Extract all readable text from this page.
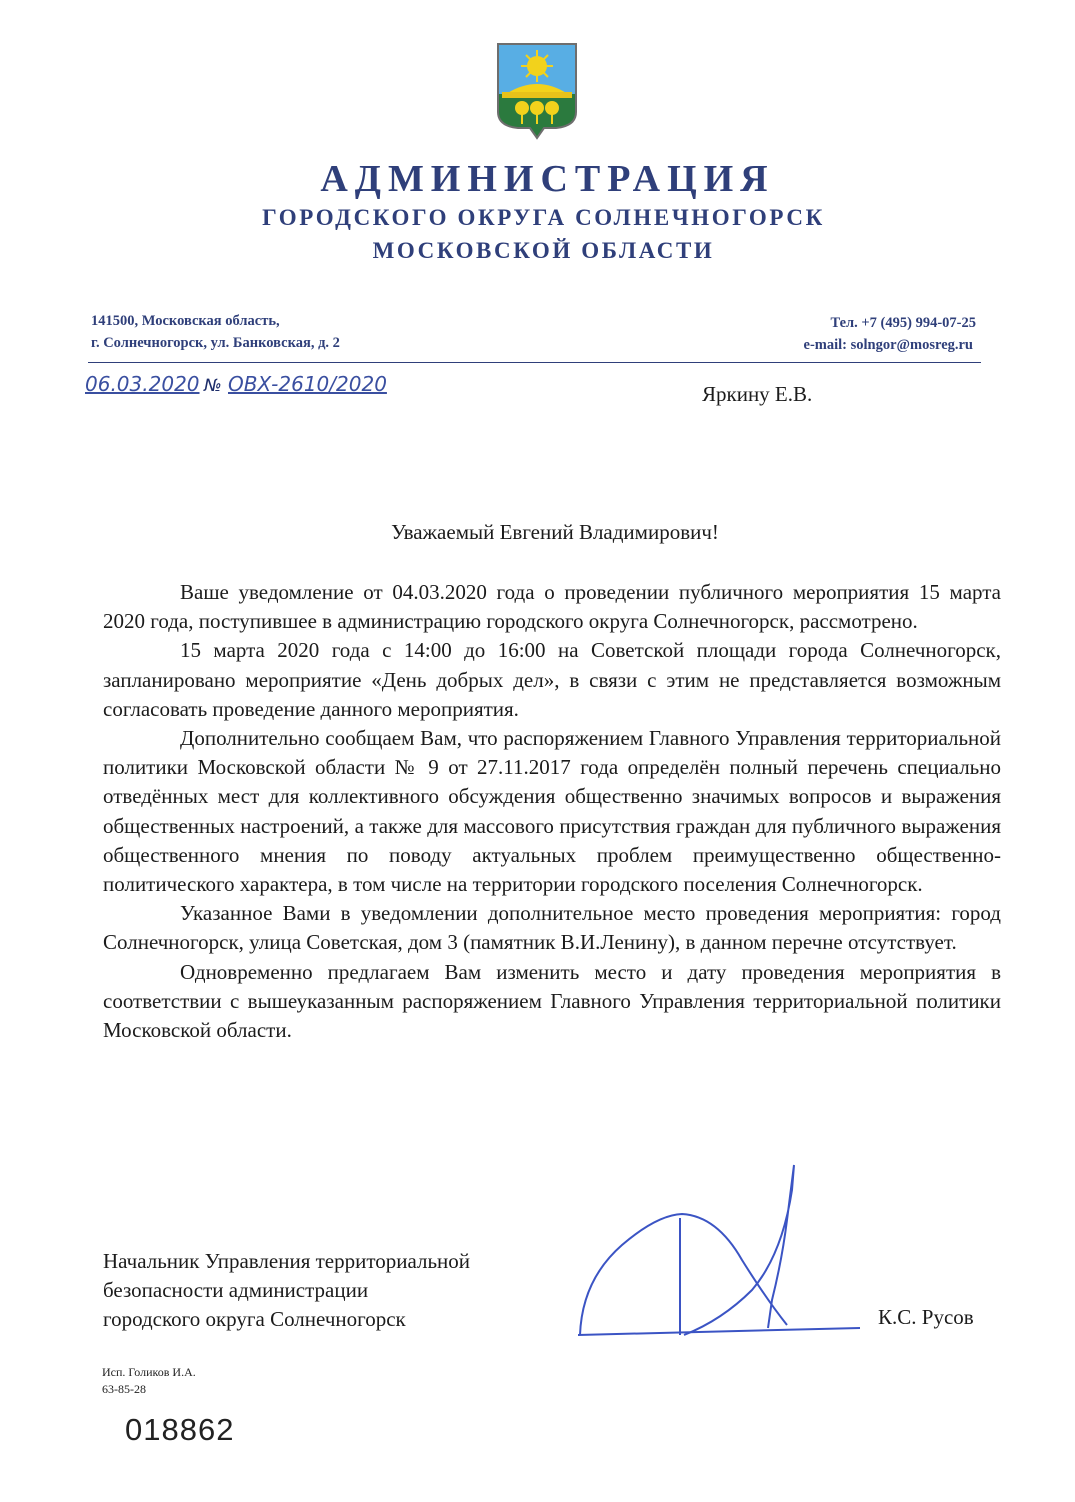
АДМИНИСТРАЦИЯ
ГОРОДСКОГО ОКРУГА СОЛНЕЧНОГОРСК
МОСКОВСКОЙ ОБЛАСТИ
141500, Московская область,
г. Солнечногорск, ул. Банковская, д. 2
Тел. +7 (495) 994-07-25
e-mail: solngor@mosreg.ru
06.03.2020 № ОВХ-2610/2020	Яркину Е.В.
Уважаемый Евгений Владимирович!

Ваше уведомление от 04.03.2020 года о проведении публичного мероприятия 15 марта 2020 года, поступившее в администрацию городского округа Солнечногорск, рассмотрено.

15 марта 2020 года с 14:00 до 16:00 на Советской площади города Солнечногорск, запланировано мероприятие «День добрых дел», в связи с этим не представляется возможным согласовать проведение данного мероприятия.

Дополнительно сообщаем Вам, что распоряжением Главного Управления территориальной политики Московской области № 9 от 27.11.2017 года определён полный перечень специально отведённых мест для коллективного обсуждения общественно значимых вопросов и выражения общественных настроений, а также для массового присутствия граждан для публичного выражения общественного мнения по поводу актуальных проблем преимущественно общественно-политического характера, в том числе на территории городского поселения Солнечногорск.

Указанное Вами в уведомлении дополнительное место проведения мероприятия: город Солнечногорск, улица Советская, дом 3 (памятник В.И.Ленину), в данном перечне отсутствует.

Одновременно предлагаем Вам изменить место и дату проведения мероприятия в соответствии с вышеуказанным распоряжением Главного Управления территориальной политики Московской области.

Начальник Управления территориальной
безопасности администрации
городского округа Солнечногорск	К.С. Русов
Исп. Голиков И.А.
63-85-28
018862
